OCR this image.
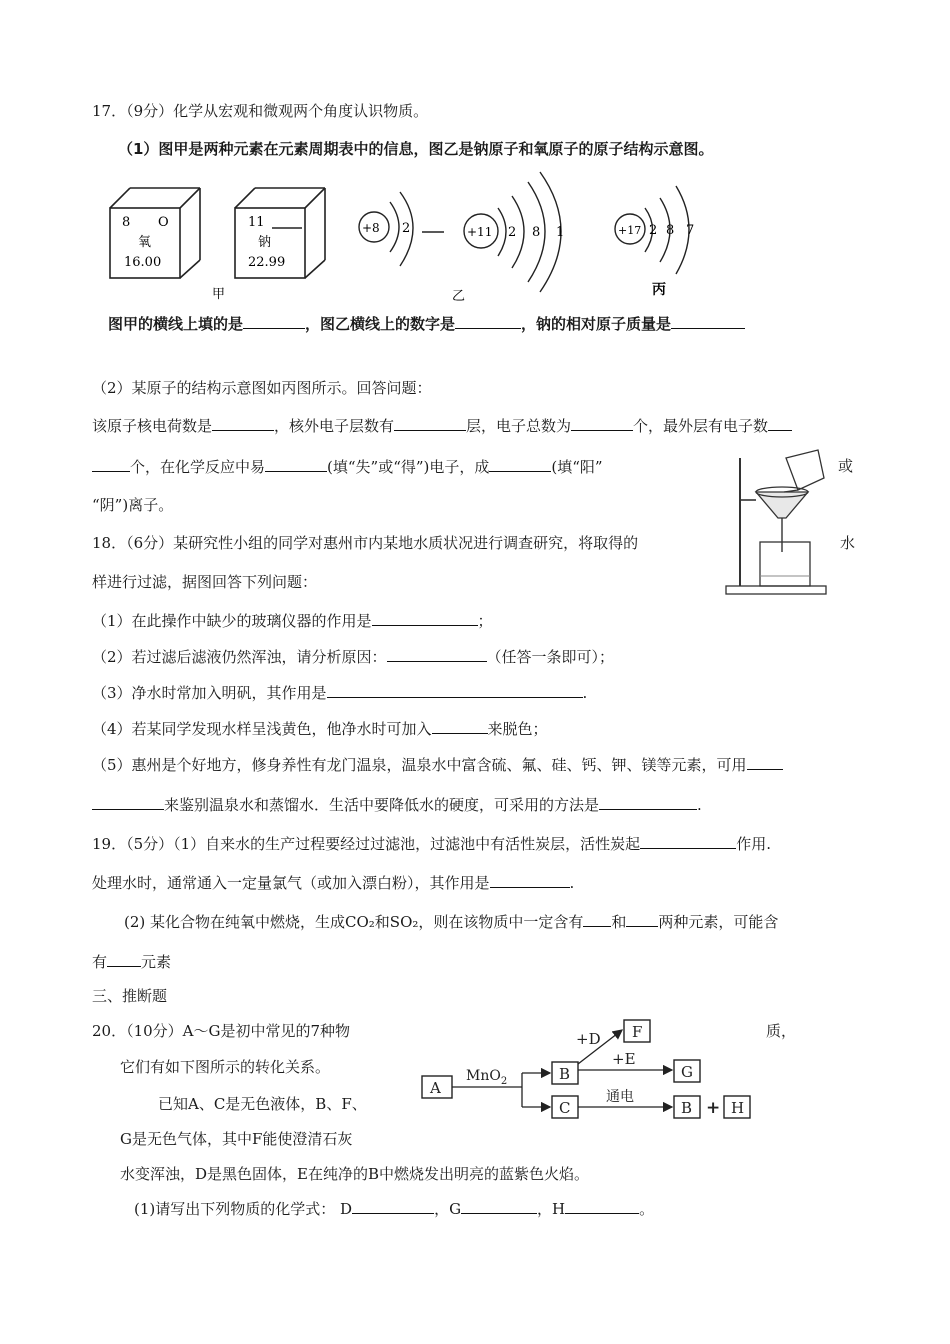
17．（9分）化学从宏观和微观两个角度认识物质。
（1）图甲是两种元素在元素周期表中的信息，图乙是钠原子和氧原子的原子结构示意图。
8 O
氧
16.00
11
钠
22.99
+8 2	+11 2 8 1	+17 2 8 7
甲	乙	丙
图甲的横线上填的是	，图乙横线上的数字是	，钠的相对原子质量是
（2）某原子的结构示意图如丙图所示。回答问题：
该原子核电荷数是	，核外电子层数有	层，电子总数为	个，最外层有电子数
个，在化学反应中易	(填“失”或“得”)电子，成	(填“阳”	或
“阴”)离子。
18．（6分）某研究性小组的同学对惠州市内某地水质状况进行调查研究，将取得的	水
样进行过滤，据图回答下列问题：
（1）在此操作中缺少的玻璃仪器的作用是	；
（2）若过滤后滤液仍然浑浊，请分析原因：	（任答一条即可）；
（3）净水时常加入明矾，其作用是	.
（4）若某同学发现水样呈浅黄色，他净水时可加入	来脱色；
（5）惠州是个好地方，修身养性有龙门温泉，温泉水中富含硫、氟、硅、钙、钾、镁等元素，可用
来鉴别温泉水和蒸馏水．生活中要降低水的硬度，可采用的方法是	.
19．（5分）（1）自来水的生产过程要经过过滤池，过滤池中有活性炭层，活性炭起	作用.
处理水时，通常通入一定量氯气（或加入漂白粉），其作用是	.
(2) 某化合物在纯氧中燃烧，生成CO₂和SO₂，则在该物质中一定含有 和 两种元素，可能含
有 元素
三、推断题
20．（10分）A～G是初中常见的7种物	质，
它们有如下图所示的转化关系。
已知A、C是无色液体，B、F、
G是无色气体，其中F能使澄清石灰
水变浑浊，D是黑色固体，E在纯净的B中燃烧发出明亮的蓝紫色火焰。
(1)请写出下列物质的化学式： D	，G	，H	。
A
MnO$_2$	B
C
+D F
+E
G
通电
B + H
